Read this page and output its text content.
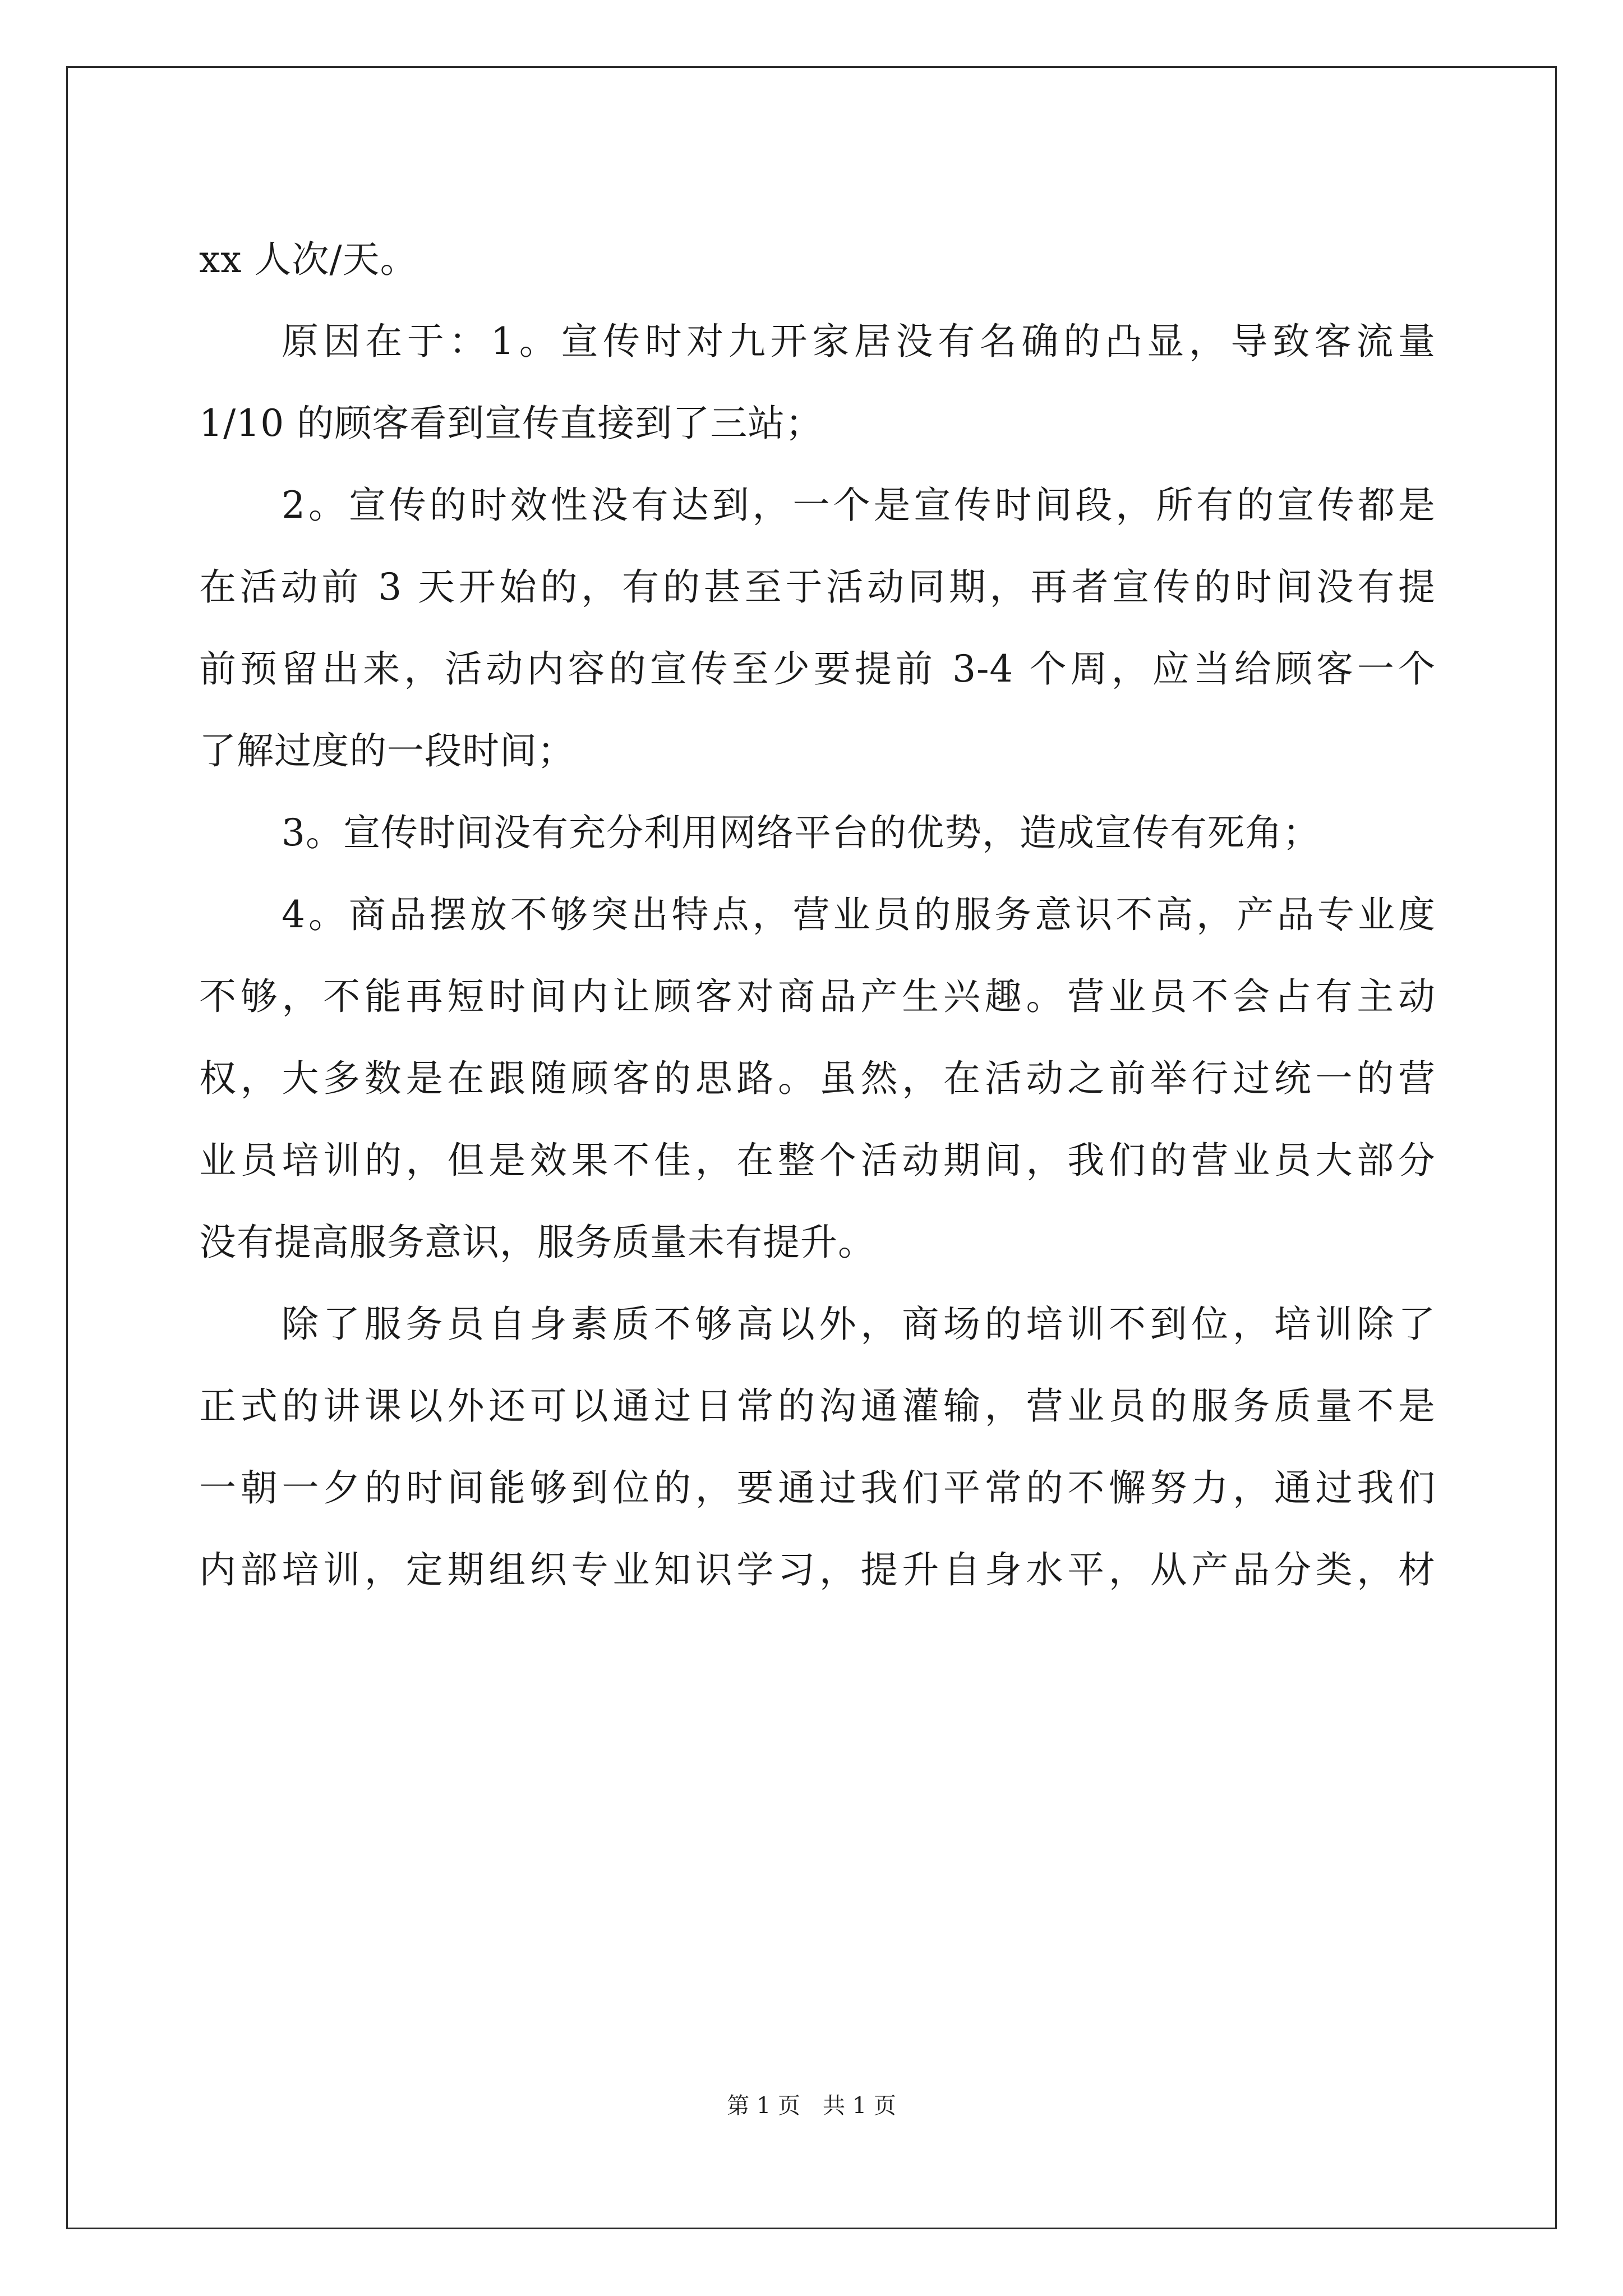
xx 人次/天。
原因在于：1。宣传时对九开家居没有名确的凸显，导致客流量
1/10 的顾客看到宣传直接到了三站；
2。宣传的时效性没有达到，一个是宣传时间段，所有的宣传都是
在活动前 3 天开始的，有的甚至于活动同期，再者宣传的时间没有提
前预留出来，活动内容的宣传至少要提前 3-4 个周，应当给顾客一个
了解过度的一段时间；
3。宣传时间没有充分利用网络平台的优势，造成宣传有死角；
4。商品摆放不够突出特点，营业员的服务意识不高，产品专业度
不够，不能再短时间内让顾客对商品产生兴趣。营业员不会占有主动
权，大多数是在跟随顾客的思路。虽然，在活动之前举行过统一的营
业员培训的，但是效果不佳，在整个活动期间，我们的营业员大部分
没有提高服务意识，服务质量未有提升。
除了服务员自身素质不够高以外，商场的培训不到位，培训除了
正式的讲课以外还可以通过日常的沟通灌输，营业员的服务质量不是
一朝一夕的时间能够到位的，要通过我们平常的不懈努力，通过我们
内部培训，定期组织专业知识学习，提升自身水平，从产品分类，材
第 1 页 共 1 页
